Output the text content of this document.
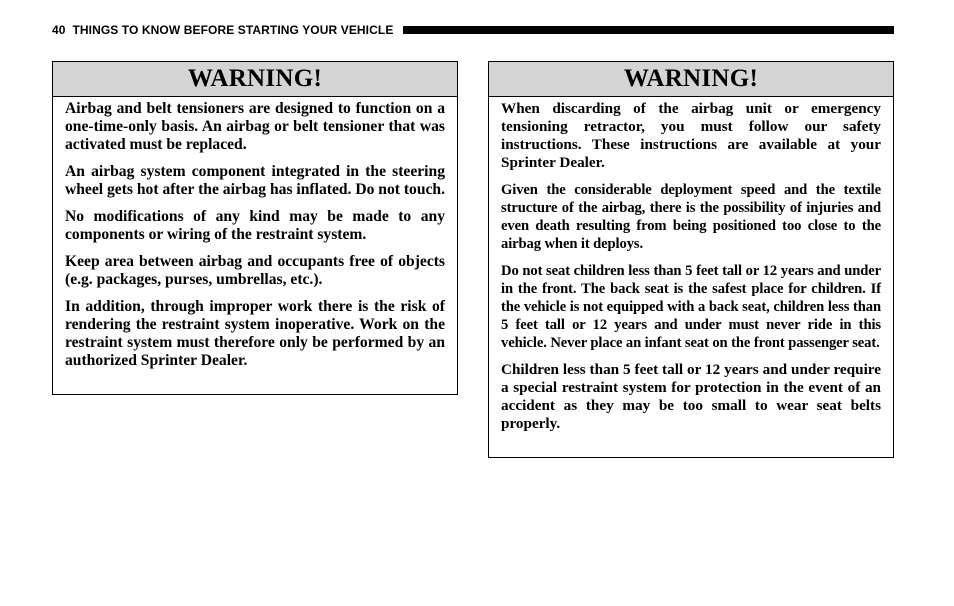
40 THINGS TO KNOW BEFORE STARTING YOUR VEHICLE
WARNING!

Airbag and belt tensioners are designed to function on a one-time-only basis. An airbag or belt tensioner that was activated must be replaced.

An airbag system component integrated in the steering wheel gets hot after the airbag has inflated. Do not touch.

No modifications of any kind may be made to any components or wiring of the restraint system.

Keep area between airbag and occupants free of objects (e.g. packages, purses, umbrellas, etc.).

In addition, through improper work there is the risk of rendering the restraint system inoperative. Work on the restraint system must therefore only be performed by an authorized Sprinter Dealer.

WARNING!

When discarding of the airbag unit or emergency tensioning retractor, you must follow our safety instructions. These instructions are available at your Sprinter Dealer.

Given the considerable deployment speed and the textile structure of the airbag, there is the possibility of injuries and even death resulting from being positioned too close to the airbag when it deploys.

Do not seat children less than 5 feet tall or 12 years and under in the front. The back seat is the safest place for children. If the vehicle is not equipped with a back seat, children less than 5 feet tall or 12 years and under must never ride in this vehicle. Never place an infant seat on the front passenger seat.

Children less than 5 feet tall or 12 years and under require a special restraint system for protection in the event of an accident as they may be too small to wear seat belts properly.
